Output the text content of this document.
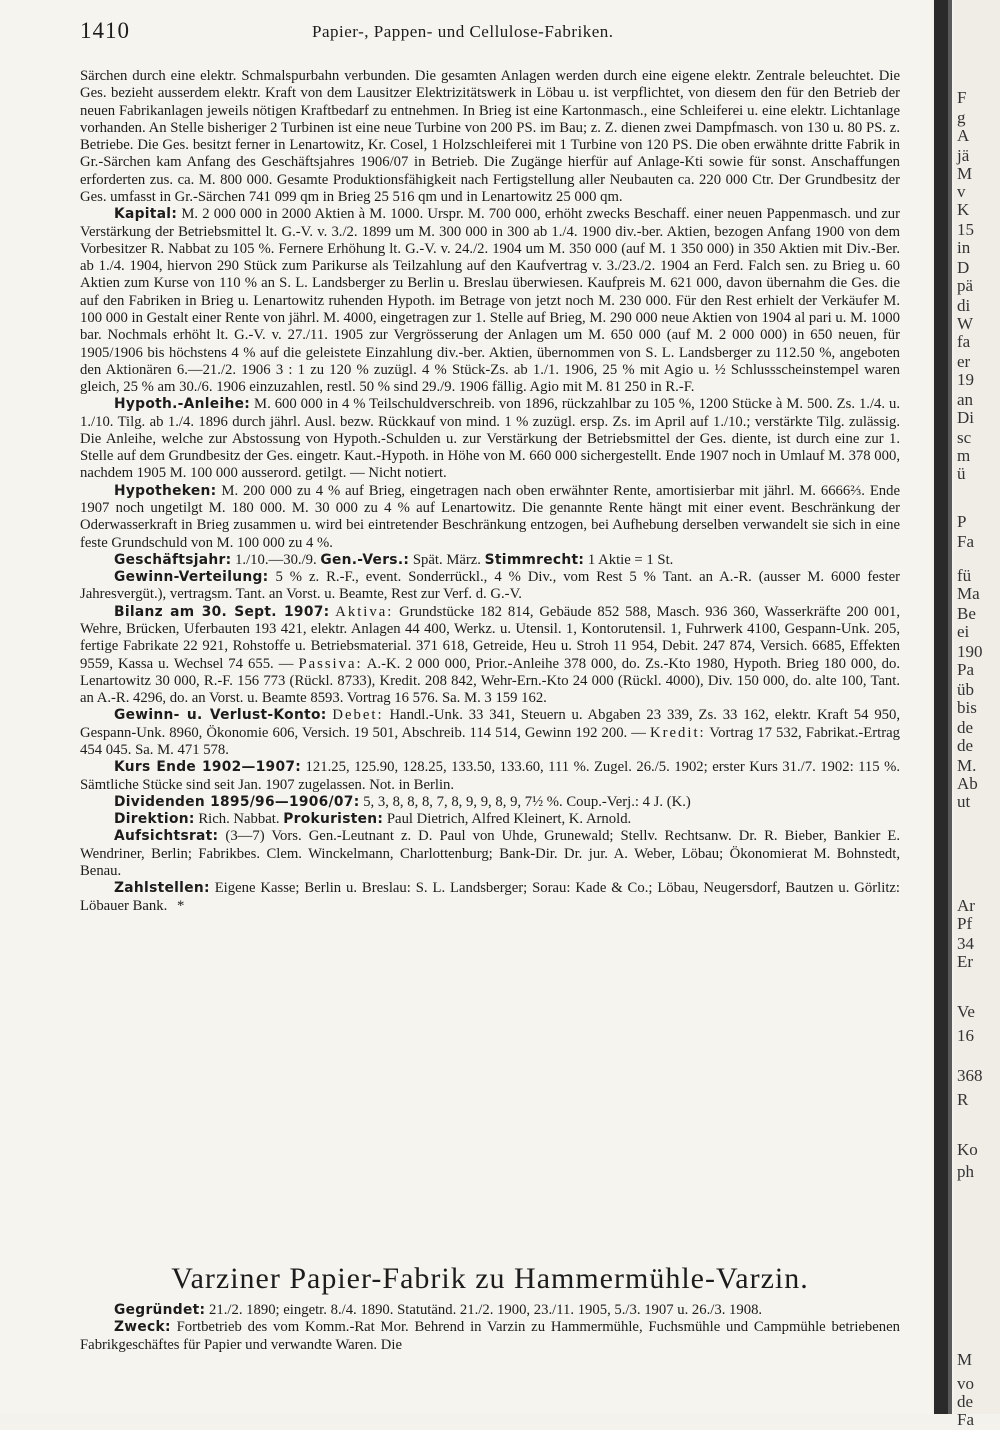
1410	Papier-, Pappen- und Cellulose-Fabriken.

Särchen durch eine elektr. Schmalspurbahn verbunden. Die gesamten Anlagen werden durch eine eigene elektr. Zentrale beleuchtet. Die Ges. bezieht ausserdem elektr. Kraft von dem Lausitzer Elektrizitätswerk in Löbau u. ist verpflichtet, von diesem den für den Betrieb der neuen Fabrikanlagen jeweils nötigen Kraftbedarf zu entnehmen. In Brieg ist eine Kartonmasch., eine Schleiferei u. eine elektr. Lichtanlage vorhanden. An Stelle bisheriger 2 Turbinen ist eine neue Turbine von 200 PS. im Bau; z. Z. dienen zwei Dampfmasch. von 130 u. 80 PS. z. Betriebe. Die Ges. besitzt ferner in Lenartowitz, Kr. Cosel, 1 Holzschleiferei mit 1 Turbine von 120 PS. Die oben erwähnte dritte Fabrik in Gr.-Särchen kam Anfang des Geschäftsjahres 1906/07 in Betrieb. Die Zugänge hierfür auf Anlage-Kti sowie für sonst. Anschaffungen erforderten zus. ca. M. 800 000. Gesamte Produktionsfähigkeit nach Fertigstellung aller Neubauten ca. 220 000 Ctr. Der Grundbesitz der Ges. umfasst in Gr.-Särchen 741 099 qm in Brieg 25 516 qm und in Lenartowitz 25 000 qm.

Kapital: M. 2 000 000 in 2000 Aktien à M. 1000. Urspr. M. 700 000, erhöht zwecks Beschaff. einer neuen Pappenmasch. und zur Verstärkung der Betriebsmittel lt. G.-V. v. 3./2. 1899 um M. 300 000 in 300 ab 1./4. 1900 div.-ber. Aktien, bezogen Anfang 1900 von dem Vorbesitzer R. Nabbat zu 105 %. Fernere Erhöhung lt. G.-V. v. 24./2. 1904 um M. 350 000 (auf M. 1 350 000) in 350 Aktien mit Div.-Ber. ab 1./4. 1904, hiervon 290 Stück zum Parikurse als Teilzahlung auf den Kaufvertrag v. 3./23./2. 1904 an Ferd. Falch sen. zu Brieg u. 60 Aktien zum Kurse von 110 % an S. L. Landsberger zu Berlin u. Breslau überwiesen. Kaufpreis M. 621 000, davon übernahm die Ges. die auf den Fabriken in Brieg u. Lenartowitz ruhenden Hypoth. im Betrage von jetzt noch M. 230 000. Für den Rest erhielt der Verkäufer M. 100 000 in Gestalt einer Rente von jährl. M. 4000, eingetragen zur 1. Stelle auf Brieg, M. 290 000 neue Aktien von 1904 al pari u. M. 1000 bar. Nochmals erhöht lt. G.-V. v. 27./11. 1905 zur Vergrösserung der Anlagen um M. 650 000 (auf M. 2 000 000) in 650 neuen, für 1905/1906 bis höchstens 4 % auf die geleistete Einzahlung div.-ber. Aktien, übernommen von S. L. Landsberger zu 112.50 %, angeboten den Aktionären 6.—21./2. 1906 3 : 1 zu 120 % zuzügl. 4 % Stück-Zs. ab 1./1. 1906, 25 % mit Agio u. ½ Schlussscheinstempel waren gleich, 25 % am 30./6. 1906 einzuzahlen, restl. 50 % sind 29./9. 1906 fällig. Agio mit M. 81 250 in R.-F.

Hypoth.-Anleihe: M. 600 000 in 4 % Teilschuldverschreib. von 1896, rückzahlbar zu 105 %, 1200 Stücke à M. 500. Zs. 1./4. u. 1./10. Tilg. ab 1./4. 1896 durch jährl. Ausl. bezw. Rückkauf von mind. 1 % zuzügl. ersp. Zs. im April auf 1./10.; verstärkte Tilg. zulässig. Die Anleihe, welche zur Abstossung von Hypoth.-Schulden u. zur Verstärkung der Betriebsmittel der Ges. diente, ist durch eine zur 1. Stelle auf dem Grundbesitz der Ges. eingetr. Kaut.-Hypoth. in Höhe von M. 660 000 sichergestellt. Ende 1907 noch in Umlauf M. 378 000, nachdem 1905 M. 100 000 ausserord. getilgt. — Nicht notiert.

Hypotheken: M. 200 000 zu 4 % auf Brieg, eingetragen nach oben erwähnter Rente, amortisierbar mit jährl. M. 6666⅔. Ende 1907 noch ungetilgt M. 180 000. M. 30 000 zu 4 % auf Lenartowitz. Die genannte Rente hängt mit einer event. Beschränkung der Oderwasserkraft in Brieg zusammen u. wird bei eintretender Beschränkung entzogen, bei Aufhebung derselben verwandelt sie sich in eine feste Grundschuld von M. 100 000 zu 4 %.

Geschäftsjahr: 1./10.—30./9. Gen.-Vers.: Spät. März. Stimmrecht: 1 Aktie = 1 St.

Gewinn-Verteilung: 5 % z. R.-F., event. Sonderrückl., 4 % Div., vom Rest 5 % Tant. an A.-R. (ausser M. 6000 fester Jahresvergüt.), vertragsm. Tant. an Vorst. u. Beamte, Rest zur Verf. d. G.-V.

Bilanz am 30. Sept. 1907: Aktiva: Grundstücke 182 814, Gebäude 852 588, Masch. 936 360, Wasserkräfte 200 001, Wehre, Brücken, Uferbauten 193 421, elektr. Anlagen 44 400, Werkz. u. Utensil. 1, Kontorutensil. 1, Fuhrwerk 4100, Gespann-Unk. 205, fertige Fabrikate 22 921, Rohstoffe u. Betriebsmaterial. 371 618, Getreide, Heu u. Stroh 11 954, Debit. 247 874, Versich. 6685, Effekten 9559, Kassa u. Wechsel 74 655. — Passiva: A.-K. 2 000 000, Prior.-Anleihe 378 000, do. Zs.-Kto 1980, Hypoth. Brieg 180 000, do. Lenartowitz 30 000, R.-F. 156 773 (Rückl. 8733), Kredit. 208 842, Wehr-Ern.-Kto 24 000 (Rückl. 4000), Div. 150 000, do. alte 100, Tant. an A.-R. 4296, do. an Vorst. u. Beamte 8593. Vortrag 16 576. Sa. M. 3 159 162.

Gewinn- u. Verlust-Konto: Debet: Handl.-Unk. 33 341, Steuern u. Abgaben 23 339, Zs. 33 162, elektr. Kraft 54 950, Gespann-Unk. 8960, Ökonomie 606, Versich. 19 501, Abschreib. 114 514, Gewinn 192 200. — Kredit: Vortrag 17 532, Fabrikat.-Ertrag 454 045. Sa. M. 471 578.

Kurs Ende 1902—1907: 121.25, 125.90, 128.25, 133.50, 133.60, 111 %. Zugel. 26./5. 1902; erster Kurs 31./7. 1902: 115 %. Sämtliche Stücke sind seit Jan. 1907 zugelassen. Not. in Berlin.

Dividenden 1895/96—1906/07: 5, 3, 8, 8, 8, 7, 8, 9, 9, 8, 9, 7½ %. Coup.-Verj.: 4 J. (K.)

Direktion: Rich. Nabbat. Prokuristen: Paul Dietrich, Alfred Kleinert, K. Arnold.

Aufsichtsrat: (3—7) Vors. Gen.-Leutnant z. D. Paul von Uhde, Grunewald; Stellv. Rechtsanw. Dr. R. Bieber, Bankier E. Wendriner, Berlin; Fabrikbes. Clem. Winckelmann, Charlottenburg; Bank-Dir. Dr. jur. A. Weber, Löbau; Ökonomierat M. Bohnstedt, Benau.

Zahlstellen: Eigene Kasse; Berlin u. Breslau: S. L. Landsberger; Sorau: Kade & Co.; Löbau, Neugersdorf, Bautzen u. Görlitz: Löbauer Bank. *

Varziner Papier-Fabrik zu Hammermühle-Varzin.

Gegründet: 21./2. 1890; eingetr. 8./4. 1890. Statutänd. 21./2. 1900, 23./11. 1905, 5./3. 1907 u. 26./3. 1908.

Zweck: Fortbetrieb des vom Komm.-Rat Mor. Behrend in Varzin zu Hammermühle, Fuchsmühle und Campmühle betriebenen Fabrikgeschäftes für Papier und verwandte Waren. Die

F
g
A
jä
M
v
K
15
in
D
pä
di
W
fa
er
19
an
Di
sc
m
ü
P
Fa
fü
Ma
Be
ei
190
Pa
üb
bis
de
de
M.
Ab
ut
Ar
Pf
34
Er
Ve
16
368
R
Ko
ph
M
vo
de
Fa
